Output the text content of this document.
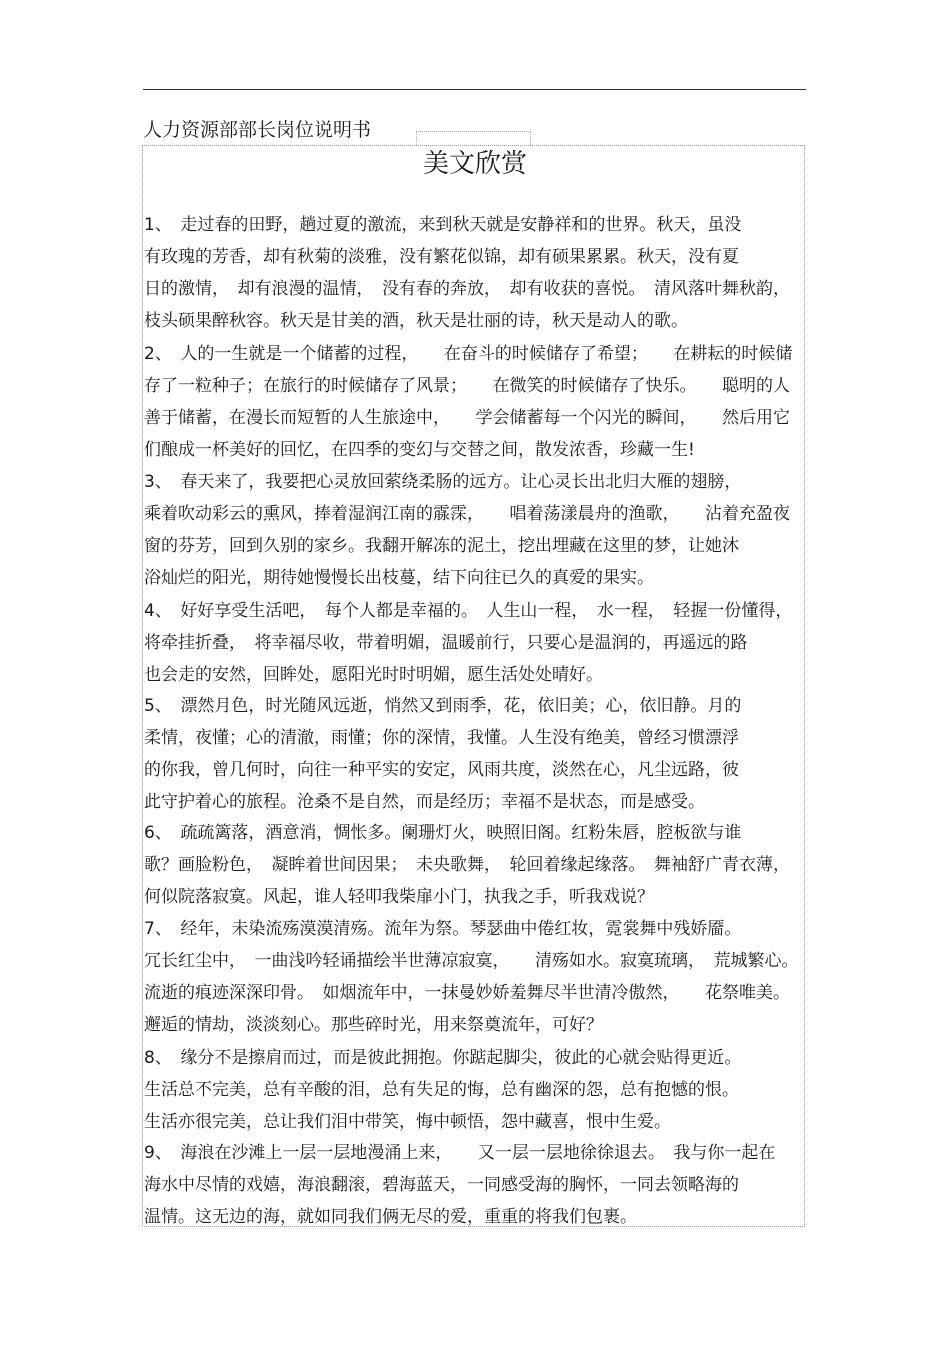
人力资源部部长岗位说明书
美文欣赏
1、　走过春的田野，趟过夏的激流，来到秋天就是安静祥和的世界。秋天，虽没
有玫瑰的芳香，却有秋菊的淡雅，没有繁花似锦，却有硕果累累。秋天，没有夏
日的激情，　却有浪漫的温情，　没有春的奔放，　却有收获的喜悦。　清风落叶舞秋韵，
枝头硕果醉秋容。秋天是甘美的酒，秋天是壮丽的诗，秋天是动人的歌。
2、　人的一生就是一个储蓄的过程，　　在奋斗的时候储存了希望；　　在耕耘的时候储
存了一粒种子；在旅行的时候储存了风景；　　在微笑的时候储存了快乐。　　聪明的人
善于储蓄，在漫长而短暂的人生旅途中，　　学会储蓄每一个闪光的瞬间，　　然后用它
们酿成一杯美好的回忆，在四季的变幻与交替之间，散发浓香，珍藏一生!
3、　春天来了，我要把心灵放回萦绕柔肠的远方。让心灵长出北归大雁的翅膀，
乘着吹动彩云的熏风，捧着湿润江南的霡霂，　　唱着荡漾晨舟的渔歌，　　沾着充盈夜
窗的芬芳，回到久别的家乡。我翻开解冻的泥土，挖出埋藏在这里的梦，让她沐
浴灿烂的阳光，期待她慢慢长出枝蔓，结下向往已久的真爱的果实。
4、　好好享受生活吧，　每个人都是幸福的。　人生山一程，　水一程，　轻握一份懂得，
将牵挂折叠，　将幸福尽收，带着明媚，温暖前行，只要心是温润的，再遥远的路
也会走的安然，回眸处，愿阳光时时明媚，愿生活处处晴好。
5、　漂然月色，时光随风远逝，悄然又到雨季，花，依旧美；心，依旧静。月的
柔情，夜懂；心的清澈，雨懂；你的深情，我懂。人生没有绝美，曾经习惯漂浮
的你我，曾几何时，向往一种平实的安定，风雨共度，淡然在心，凡尘远路，彼
此守护着心的旅程。沧桑不是自然，而是经历；幸福不是状态，而是感受。
6、　疏疏篱落，酒意消，惆怅多。阑珊灯火，映照旧阁。红粉朱唇，腔板欲与谁
歌？画脸粉色，　凝眸着世间因果；　未央歌舞，　轮回着缘起缘落。　舞袖舒广青衣薄，
何似院落寂寞。风起，谁人轻叩我柴扉小门，执我之手，听我戏说？
7、　经年，未染流殇漠漠清殇。流年为祭。琴瑟曲中倦红妆，霓裳舞中残娇靥。
冗长红尘中，　一曲浅吟轻诵描绘半世薄凉寂寞，　　清殇如水。寂寞琉璃，　荒城繁心。
流逝的痕迹深深印骨。　如烟流年中，一抹曼妙娇羞舞尽半世清冷傲然，　　花祭唯美。
邂逅的情劫，淡淡刻心。那些碎时光，用来祭奠流年，可好？
8、　缘分不是擦肩而过，而是彼此拥抱。你踮起脚尖，彼此的心就会贴得更近。
生活总不完美，总有辛酸的泪，总有失足的悔，总有幽深的怨，总有抱憾的恨。
生活亦很完美，总让我们泪中带笑，悔中顿悟，怨中藏喜，恨中生爱。
9、　海浪在沙滩上一层一层地漫涌上来，　　又一层一层地徐徐退去。　我与你一起在
海水中尽情的戏嬉，海浪翻滚，碧海蓝天，一同感受海的胸怀，一同去领略海的
温情。这无边的海，就如同我们俩无尽的爱，重重的将我们包裹。
